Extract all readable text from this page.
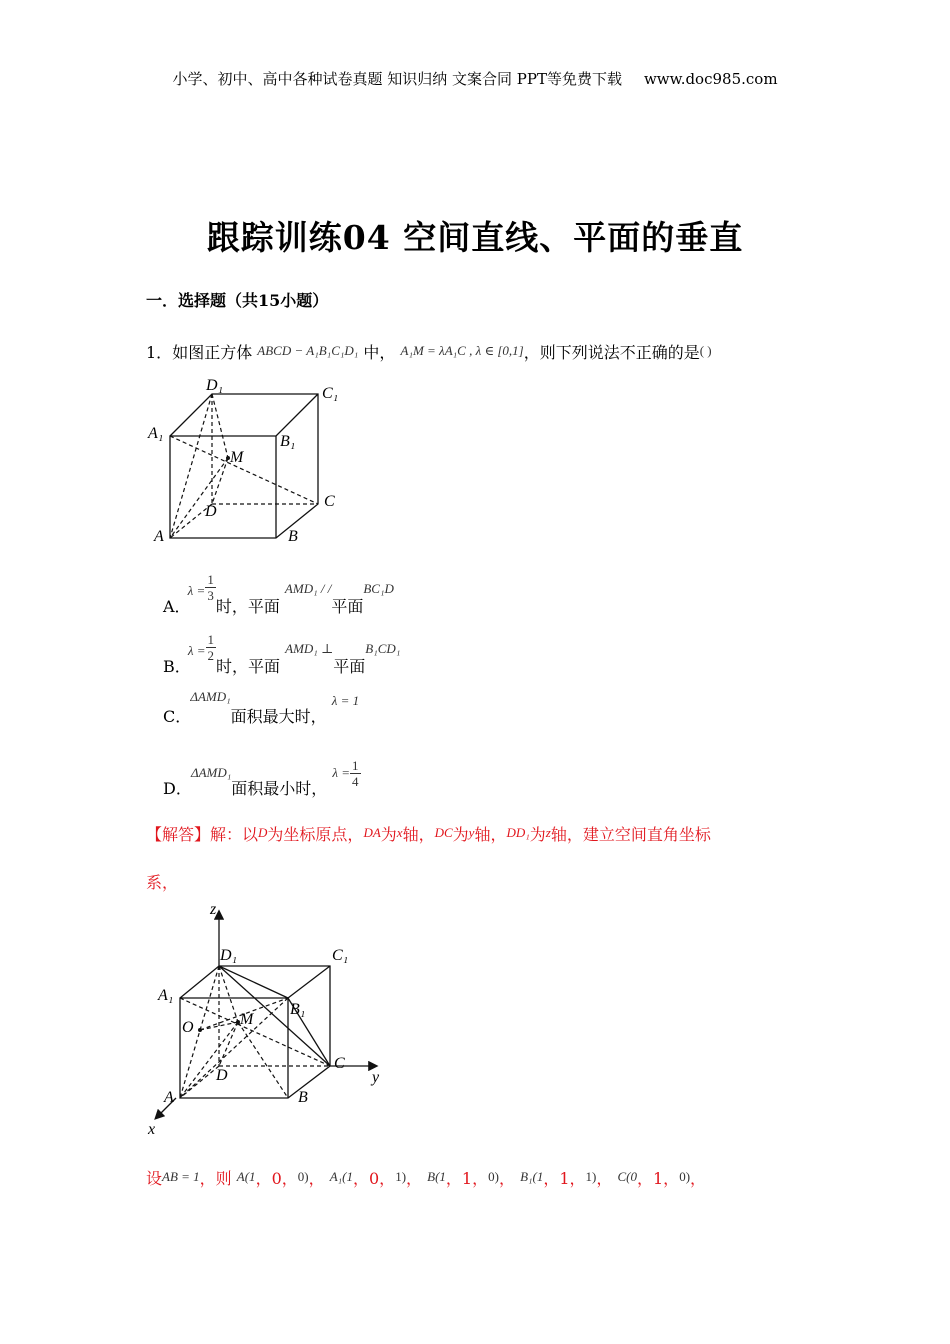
小学、初中、高中各种试卷真题 知识归纳 文案合同 PPT等免费下载 www.doc985.com
跟踪训练04 空间直线、平面的垂直
一．选择题（共15小题）
1．如图正方体 ABCD − A₁B₁C₁D₁ 中， A₁M = λA₁C , λ ∈ [0,1]，则下列说法不正确的是( )
D₁	C₁
A₁	B₁
M
D
C
A	B
A． $_{\lambda =} \frac{1}{3}$
时，平面 $_{AMD_1 / /}$平面$_{BC_1D}$
B． $_{\lambda =} \frac{1}{2}$
时，平面 $_{AMD_1 \perp}$平面$_{B_1CD_1}$
C． ΔAMD₁面积最大时， λ = 1
D． $_{\Delta AMD_1}$面积最小时， $_{\lambda =} \frac{1}{4}$
【解答】解：以D为坐标原点，DA为x轴，DC为y轴，DD₁为z轴，建立空间直角坐标
系，
z
y
x
D₁	C₁
A₁
B₁
O	M
D
C
A	B
设AB = 1，则 A(1，0，0)， A₁(1，0，1)， B(1，1，0)， B₁(1，1，1)， C(0，1，0)，
